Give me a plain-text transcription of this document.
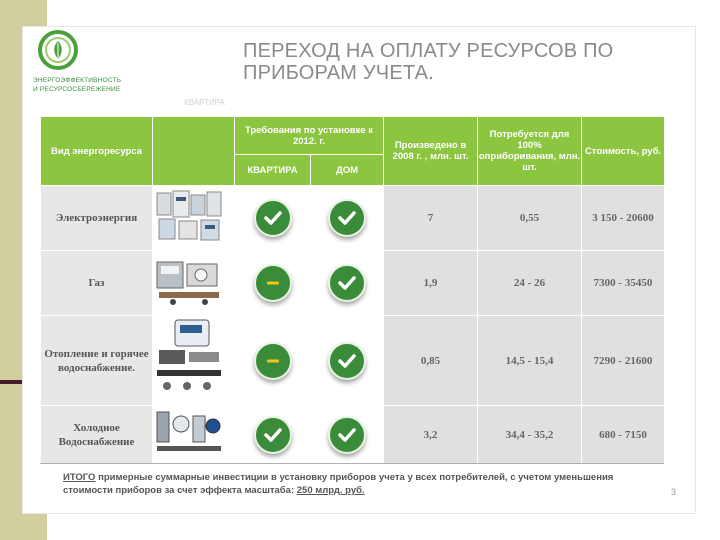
ЭНЕРГОЭФФЕКТИВНОСТЬ
И РЕСУРСОСБЕРЕЖЕНИЕ
ПЕРЕХОД НА ОПЛАТУ РЕСУРСОВ ПО
ПРИБОРАМ УЧЕТА.
КВАРТИРА
Вид энергоресурса		Требования по установке к 2012. г.		Произведено в 2008 г. , млн. шт.	Потребуется для 100% оприборивания, млн. шт.	Стоимость, руб.
		КВАРТИРА	ДОМ			
Электроэнергия				7	0,55	3 150 - 20600
Газ				1,9	24 - 26	7300 - 35450
Отопление и горячее водоснабжение.				0,85	14,5 - 15,4	7290 - 21600
Холодное Водоснабжение				3,2	34,4 - 35,2	680 - 7150
ИТОГО примерные суммарные инвестиции в установку приборов учета у всех потребителей, с учетом уменьшения стоимости приборов за счет эффекта масштаба: 250 млрд. руб.	3
